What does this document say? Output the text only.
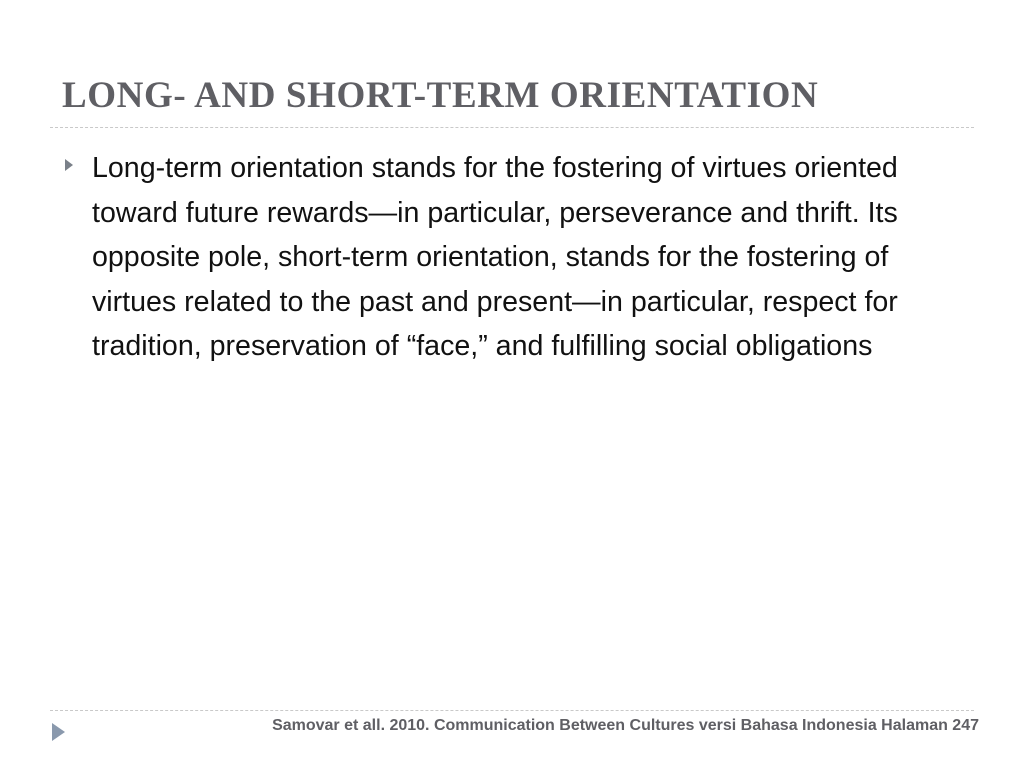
LONG- AND SHORT-TERM ORIENTATION
Long-term orientation stands for the fostering of virtues oriented toward future rewards—in particular, perseverance and thrift. Its opposite pole, short-term orientation, stands for the fostering of virtues related to the past and present—in particular, respect for tradition, preservation of “face,” and fulfilling social obligations
Samovar et all. 2010. Communication Between Cultures versi Bahasa Indonesia Halaman 247
